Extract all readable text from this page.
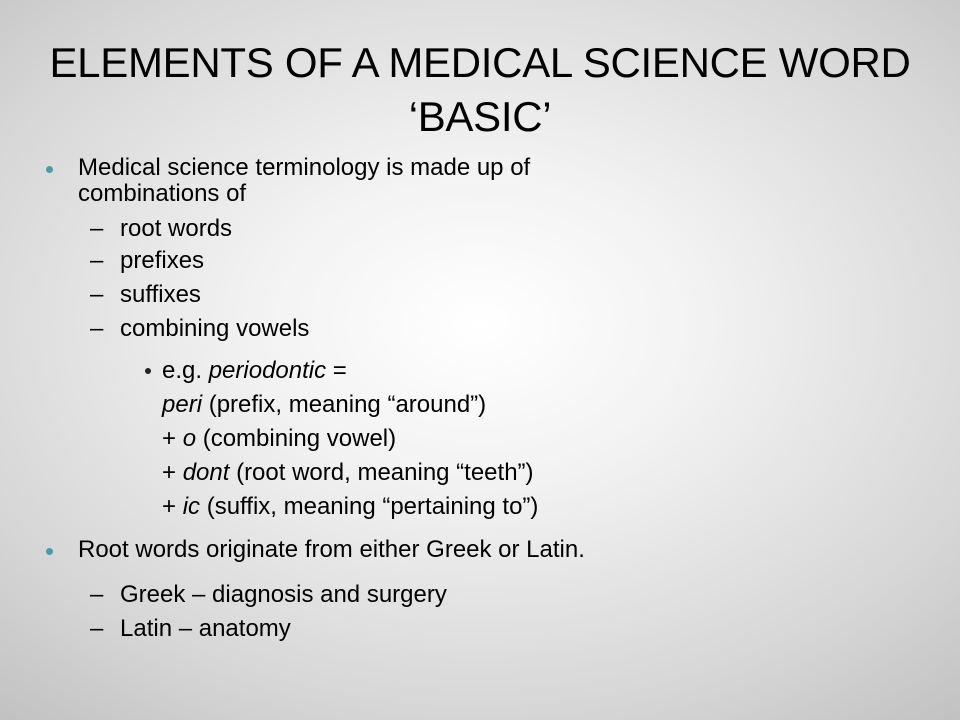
ELEMENTS OF A MEDICAL SCIENCE WORD
‘BASIC’
Medical science terminology is made up of
combinations of
– root words
– prefixes
– suffixes
– combining vowels
e.g. periodontic =
peri (prefix, meaning “around”)
+ o (combining vowel)
+ dont (root word, meaning “teeth”)
+ ic (suffix, meaning “pertaining to”)
Root words originate from either Greek or Latin.
– Greek – diagnosis and surgery
– Latin – anatomy
